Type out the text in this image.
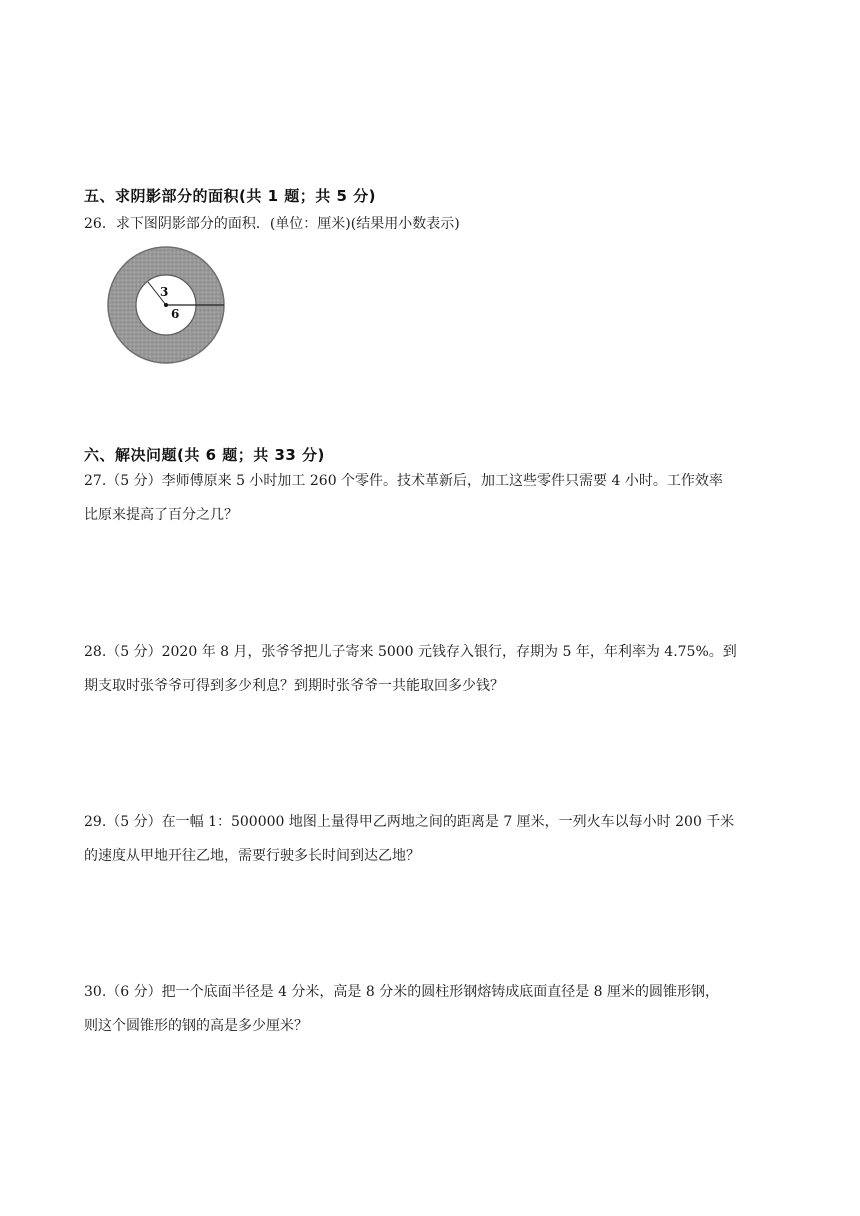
五、求阴影部分的面积(共 1 题；共 5 分)
26．求下图阴影部分的面积．(单位：厘米)(结果用小数表示)
3
6
六、解决问题(共 6 题；共 33 分)
27.（5 分）李师傅原来 5 小时加工 260 个零件。技术革新后，加工这些零件只需要 4 小时。工作效率
比原来提高了百分之几？
28.（5 分）2020 年 8 月，张爷爷把儿子寄来 5000 元钱存入银行，存期为 5 年，年利率为 4.75%。到
期支取时张爷爷可得到多少利息？到期时张爷爷一共能取回多少钱？
29.（5 分）在一幅 1：500000 地图上量得甲乙两地之间的距离是 7 厘米，一列火车以每小时 200 千米
的速度从甲地开往乙地，需要行驶多长时间到达乙地？
30.（6 分）把一个底面半径是 4 分米，高是 8 分米的圆柱形钢熔铸成底面直径是 8 厘米的圆锥形钢，
则这个圆锥形的钢的高是多少厘米？
